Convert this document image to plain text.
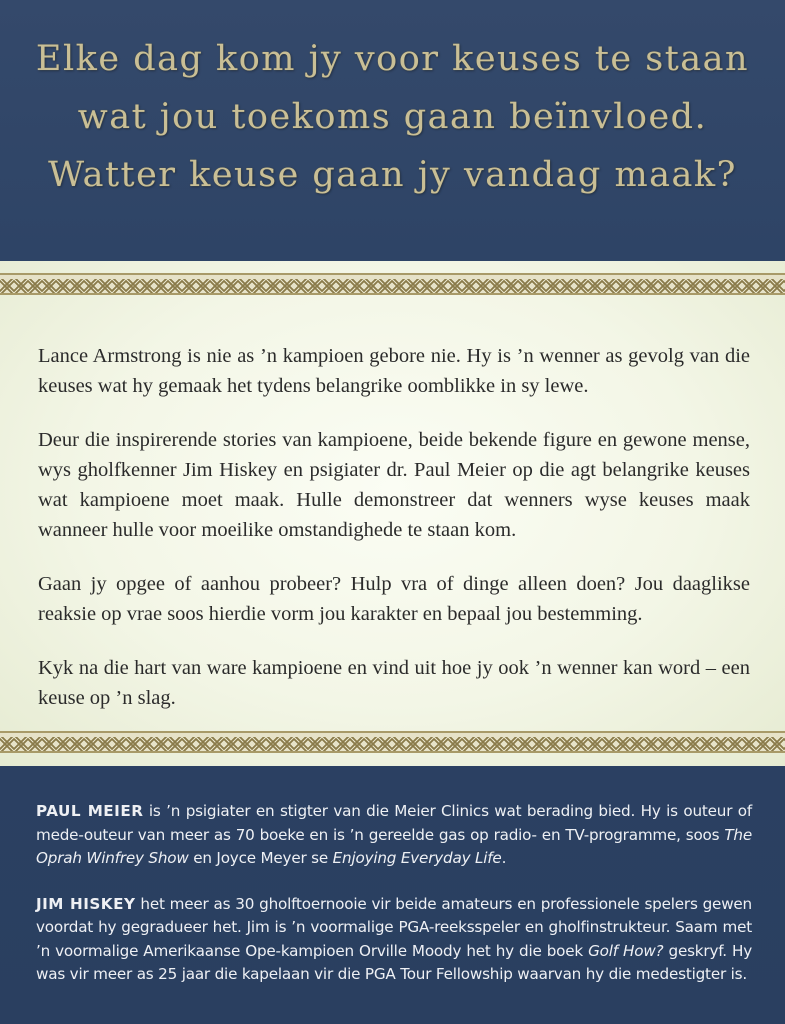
Elke dag kom jy voor keuses te staan
wat jou toekoms gaan beïnvloed.
Watter keuse gaan jy vandag maak?

Lance Armstrong is nie as ’n kampioen gebore nie. Hy is ’n wenner as gevolg van die keuses wat hy gemaak het tydens belangrike oomblikke in sy lewe.

Deur die inspirerende stories van kampioene, beide bekende figure en gewone mense, wys gholfkenner Jim Hiskey en psigiater dr. Paul Meier op die agt belangrike keuses wat kampioene moet maak. Hulle demonstreer dat wenners wyse keuses maak wanneer hulle voor moeilike omstandighede te staan kom.

Gaan jy opgee of aanhou probeer? Hulp vra of dinge alleen doen? Jou daaglikse reaksie op vrae soos hierdie vorm jou karakter en bepaal jou bestemming.

Kyk na die hart van ware kampioene en vind uit hoe jy ook ’n wenner kan word – een keuse op ’n slag.

PAUL MEIER is ’n psigiater en stigter van die Meier Clinics wat berading bied. Hy is outeur of mede-outeur van meer as 70 boeke en is ’n gereelde gas op radio- en TV-programme, soos The Oprah Winfrey Show en Joyce Meyer se Enjoying Everyday Life.

JIM HISKEY het meer as 30 gholftoernooie vir beide amateurs en professionele spelers gewen voordat hy gegradueer het. Jim is ’n voormalige PGA-reeksspeler en gholfinstrukteur. Saam met ’n voormalige Amerikaanse Ope-kampioen Orville Moody het hy die boek Golf How? geskryf. Hy was vir meer as 25 jaar die kapelaan vir die PGA Tour Fellowship waarvan hy die medestigter is.
